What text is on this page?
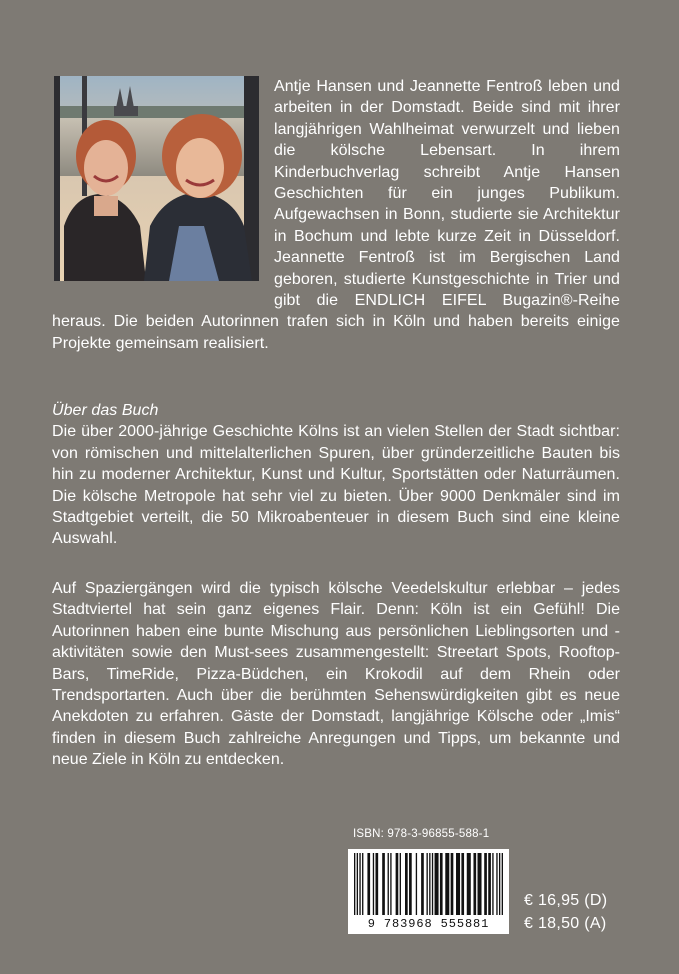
Antje Hansen und Jeannette Fentroß leben und arbeiten in der Domstadt. Beide sind mit ihrer langjährigen Wahlheimat verwurzelt und lieben die kölsche Lebensart. In ihrem Kinderbuchverlag schreibt Antje Hansen Geschichten für ein junges Publikum. Aufgewachsen in Bonn, studierte sie Architektur in Bochum und lebte kurze Zeit in Düsseldorf. Jeannette Fentroß ist im Bergischen Land geboren, studierte Kunstgeschichte in Trier und gibt die ENDLICH EIFEL Bugazin®-Reihe heraus. Die beiden Autorinnen trafen sich in Köln und haben bereits einige Projekte gemeinsam realisiert.

Über das Buch

Die über 2000-jährige Geschichte Kölns ist an vielen Stellen der Stadt sichtbar: von römischen und mittelalterlichen Spuren, über gründerzeitliche Bauten bis hin zu moderner Architektur, Kunst und Kultur, Sportstätten oder Naturräumen. Die kölsche Metropole hat sehr viel zu bieten. Über 9000 Denkmäler sind im Stadtgebiet verteilt, die 50 Mikroabenteuer in diesem Buch sind eine kleine Auswahl.

Auf Spaziergängen wird die typisch kölsche Veedelskultur erlebbar – jedes Stadtviertel hat sein ganz eigenes Flair. Denn: Köln ist ein Gefühl! Die Autorinnen haben eine bunte Mischung aus persönlichen Lieblingsorten und -aktivitäten sowie den Must-sees zusammengestellt: Streetart Spots, Rooftop-Bars, TimeRide, Pizza-Büdchen, ein Krokodil auf dem Rhein oder Trendsportarten. Auch über die berühmten Sehenswürdigkeiten gibt es neue Anekdoten zu erfahren. Gäste der Domstadt, langjährige Kölsche oder „Imis“ finden in diesem Buch zahlreiche Anregungen und Tipps, um bekannte und neue Ziele in Köln zu entdecken.

ISBN: 978-3-96855-588-1
9 783968 555881
€ 16,95 (D)
€ 18,50 (A)
